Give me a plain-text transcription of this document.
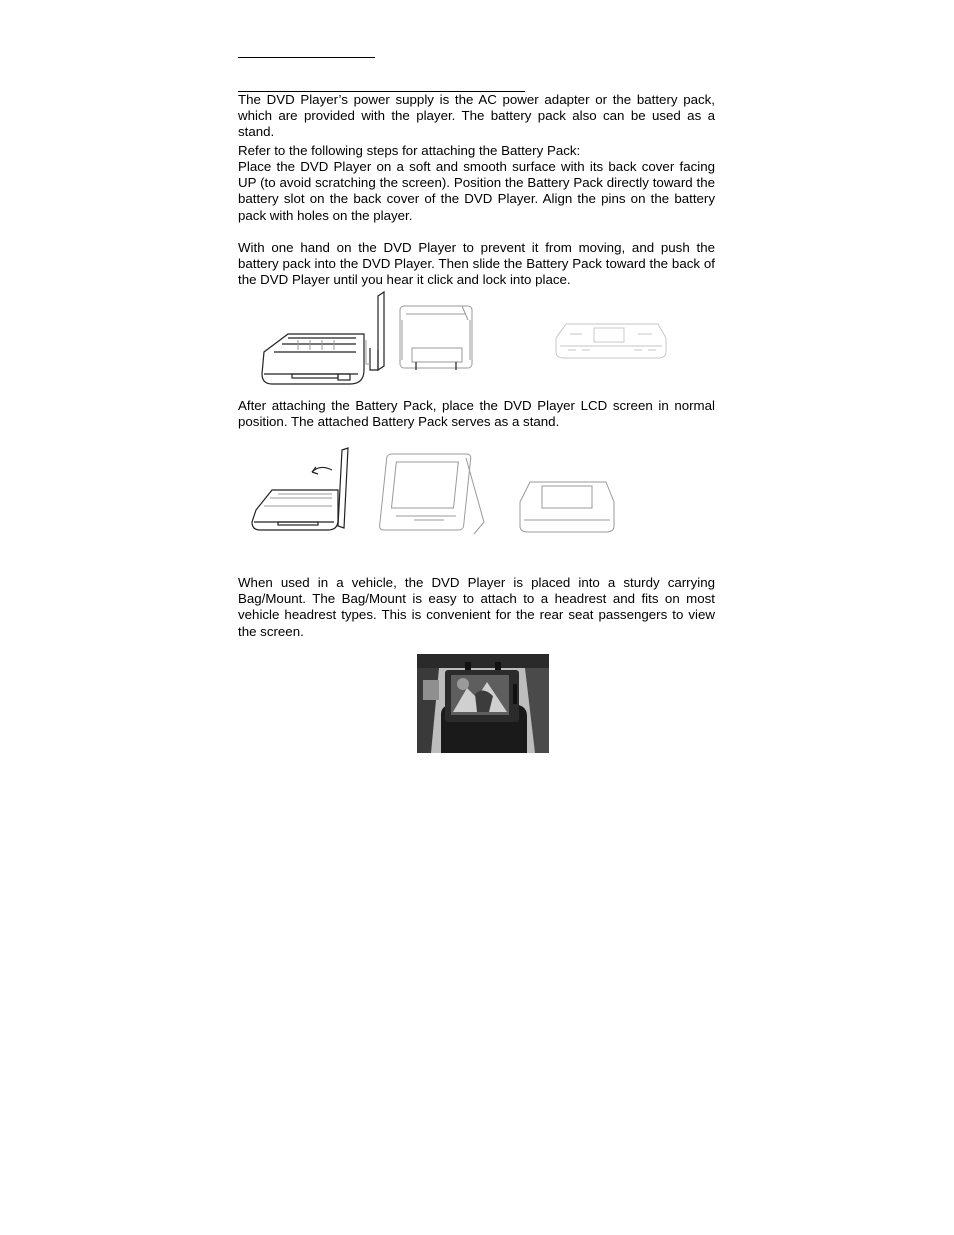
The DVD Player’s power supply is the AC power adapter or the battery pack, which are provided with the player. The battery pack also can be used as a stand.

Refer to the following steps for attaching the Battery Pack:

Place the DVD Player on a soft and smooth surface with its back cover facing UP (to avoid scratching the screen). Position the Battery Pack directly toward the battery slot on the back cover of the DVD Player. Align the pins on the battery pack with holes on the player.

With one hand on the DVD Player to prevent it from moving, and push the battery pack into the DVD Player. Then slide the Battery Pack toward the back of the DVD Player until you hear it click and lock into place.

After attaching the Battery Pack, place the DVD Player LCD screen in normal position. The attached Battery Pack serves as a stand.

When used in a vehicle, the DVD Player is placed into a sturdy carrying Bag/Mount. The Bag/Mount is easy to attach to a headrest and fits on most vehicle headrest types. This is convenient for the rear seat passengers to view the screen.
